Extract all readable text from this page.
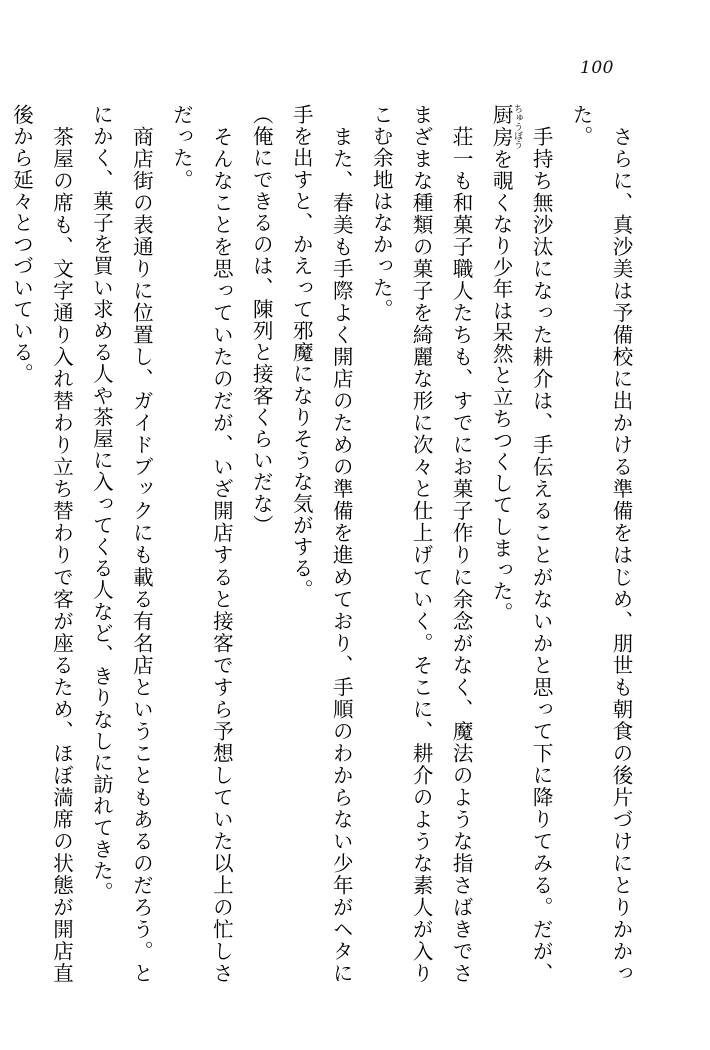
100

　さらに、真沙美は予備校に出かける準備をはじめ、朋世も朝食の後片づけにとりかかった。

　手持ち無沙汰になった耕介は、手伝えることがないかと思って下に降りてみる。だが、厨房 ちゅうぼうを覗くなり少年は呆然と立ちつくしてしまった。

　荘一も和菓子職人たちも、すでにお菓子作りに余念がなく、魔法のような指さばきでさまざまな種類の菓子を綺麗な形に次々と仕上げていく。そこに、耕介のような素人が入りこむ余地はなかった。

　また、春美も手際よく開店のための準備を進めており、手順のわからない少年がヘタに手を出すと、かえって邪魔になりそうな気がする。

（俺にできるのは、陳列と接客くらいだな）

　そんなことを思っていたのだが、いざ開店すると接客ですら予想していた以上の忙しさだった。

　商店街の表通りに位置し、ガイドブックにも載る有名店ということもあるのだろう。とにかく、菓子を買い求める人や茶屋に入ってくる人など、きりなしに訪れてきた。

　茶屋の席も、文字通り入れ替わり立ち替わりで客が座るため、ほぼ満席の状態が開店直後から延々とつづいている。
